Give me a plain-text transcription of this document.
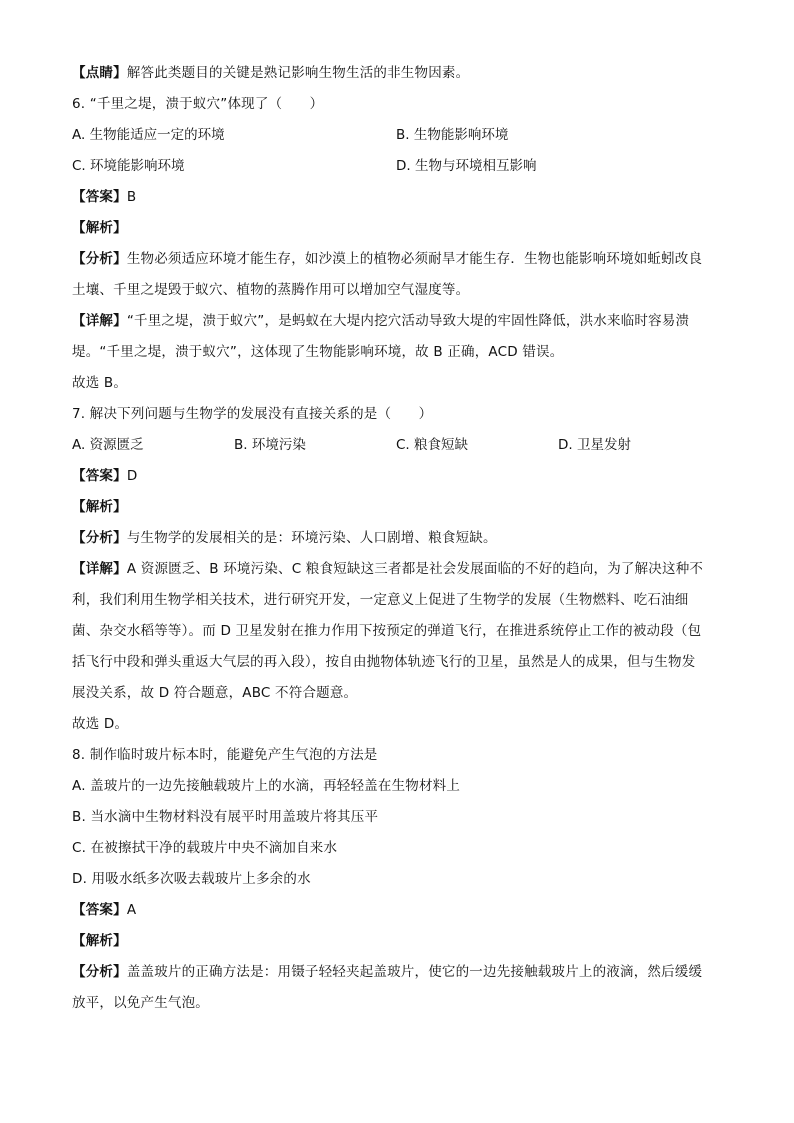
【点睛】解答此类题目的关键是熟记影响生物生活的非生物因素。
6. “千里之堤，溃于蚁穴”体现了（　　）
A. 生物能适应一定的环境	B. 生物能影响环境
C. 环境能影响环境	D. 生物与环境相互影响
【答案】B
【解析】
【分析】生物必须适应环境才能生存，如沙漠上的植物必须耐旱才能生存．生物也能影响环境如蚯蚓改良
土壤、千里之堤毁于蚁穴、植物的蒸腾作用可以增加空气湿度等。
【详解】“千里之堤，溃于蚁穴”，是蚂蚁在大堤内挖穴活动导致大堤的牢固性降低，洪水来临时容易溃
堤。“千里之堤，溃于蚁穴”，这体现了生物能影响环境，故 B 正确，ACD 错误。
故选 B。
7. 解决下列问题与生物学的发展没有直接关系的是（　　）
A. 资源匮乏	B. 环境污染	C. 粮食短缺	D. 卫星发射
【答案】D
【解析】
【分析】与生物学的发展相关的是：环境污染、人口剧增、粮食短缺。
【详解】A 资源匮乏、B 环境污染、C 粮食短缺这三者都是社会发展面临的不好的趋向，为了解决这种不
利，我们利用生物学相关技术，进行研究开发，一定意义上促进了生物学的发展（生物燃料、吃石油细
菌、杂交水稻等等）。而 D 卫星发射在推力作用下按预定的弹道飞行，在推进系统停止工作的被动段（包
括飞行中段和弹头重返大气层的再入段），按自由抛物体轨迹飞行的卫星，虽然是人的成果，但与生物发
展没关系，故 D 符合题意，ABC 不符合题意。
故选 D。
8. 制作临时玻片标本时，能避免产生气泡的方法是
A. 盖玻片的一边先接触载玻片上的水滴，再轻轻盖在生物材料上
B. 当水滴中生物材料没有展平时用盖玻片将其压平
C. 在被擦拭干净的载玻片中央不滴加自来水
D. 用吸水纸多次吸去载玻片上多余的水
【答案】A
【解析】
【分析】盖盖玻片的正确方法是：用镊子轻轻夹起盖玻片，使它的一边先接触载玻片上的液滴，然后缓缓
放平，以免产生气泡。
